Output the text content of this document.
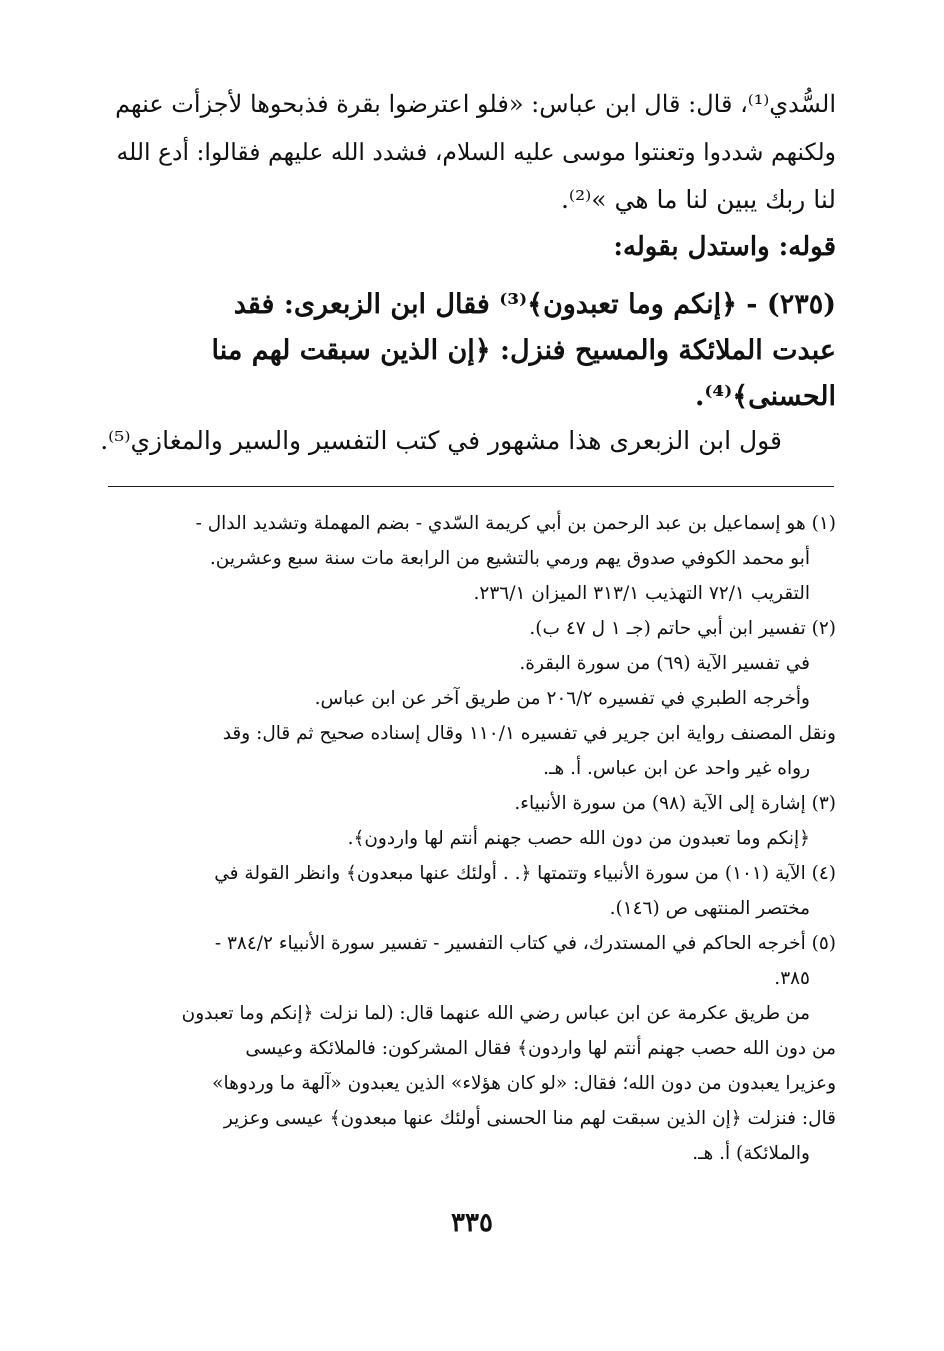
السُّدي⁽¹⁾، قال: قال ابن عباس: «فلو اعترضوا بقرة فذبحوها لأجزأت عنهم
ولكنهم شددوا وتعنتوا موسى عليه السلام، فشدد الله عليهم فقالوا: أدع الله
لنا ربك يبين لنا ما هي »⁽²⁾.
قوله: واستدل بقوله:
(٢٣٥) - ﴿إنكم وما تعبدون﴾⁽³⁾ فقال ابن الزبعرى: فقد
عبدت الملائكة والمسيح فنزل: ﴿إن الذين سبقت لهم منا
الحسنى﴾⁽⁴⁾.
قول ابن الزبعرى هذا مشهور في كتب التفسير والسير والمغازي⁽⁵⁾.
(١) هو إسماعيل بن عبد الرحمن بن أبي كريمة السّدي - بضم المهملة وتشديد الدال -
أبو محمد الكوفي صدوق يهم ورمي بالتشيع من الرابعة مات سنة سبع وعشرين.
التقريب ٧٢/١ التهذيب ٣١٣/١ الميزان ٢٣٦/١.
(٢) تفسير ابن أبي حاتم (جـ ١ ل ٤٧ ب).
في تفسير الآية (٦٩) من سورة البقرة.
وأخرجه الطبري في تفسيره ٢٠٦/٢ من طريق آخر عن ابن عباس.
ونقل المصنف رواية ابن جرير في تفسيره ١١٠/١ وقال إسناده صحيح ثم قال: وقد
رواه غير واحد عن ابن عباس. أ. هـ.
(٣) إشارة إلى الآية (٩٨) من سورة الأنبياء.
﴿إنكم وما تعبدون من دون الله حصب جهنم أنتم لها واردون﴾.
(٤) الآية (١٠١) من سورة الأنبياء وتتمتها ﴿. . أولئك عنها مبعدون﴾ وانظر القولة في
مختصر المنتهى ص (١٤٦).
(٥) أخرجه الحاكم في المستدرك، في كتاب التفسير - تفسير سورة الأنبياء ٣٨٤/٢ -
٣٨٥.
من طريق عكرمة عن ابن عباس رضي الله عنهما قال: (لما نزلت ﴿إنكم وما تعبدون
من دون الله حصب جهنم أنتم لها واردون﴾ فقال المشركون: فالملائكة وعيسى
وعزيرا يعبدون من دون الله؛ فقال: «لو كان هؤلاء» الذين يعبدون «آلهة ما وردوها»
قال: فنزلت ﴿إن الذين سبقت لهم منا الحسنى أولئك عنها مبعدون﴾ عيسى وعزير
والملائكة) أ. هـ.
٣٣٥
